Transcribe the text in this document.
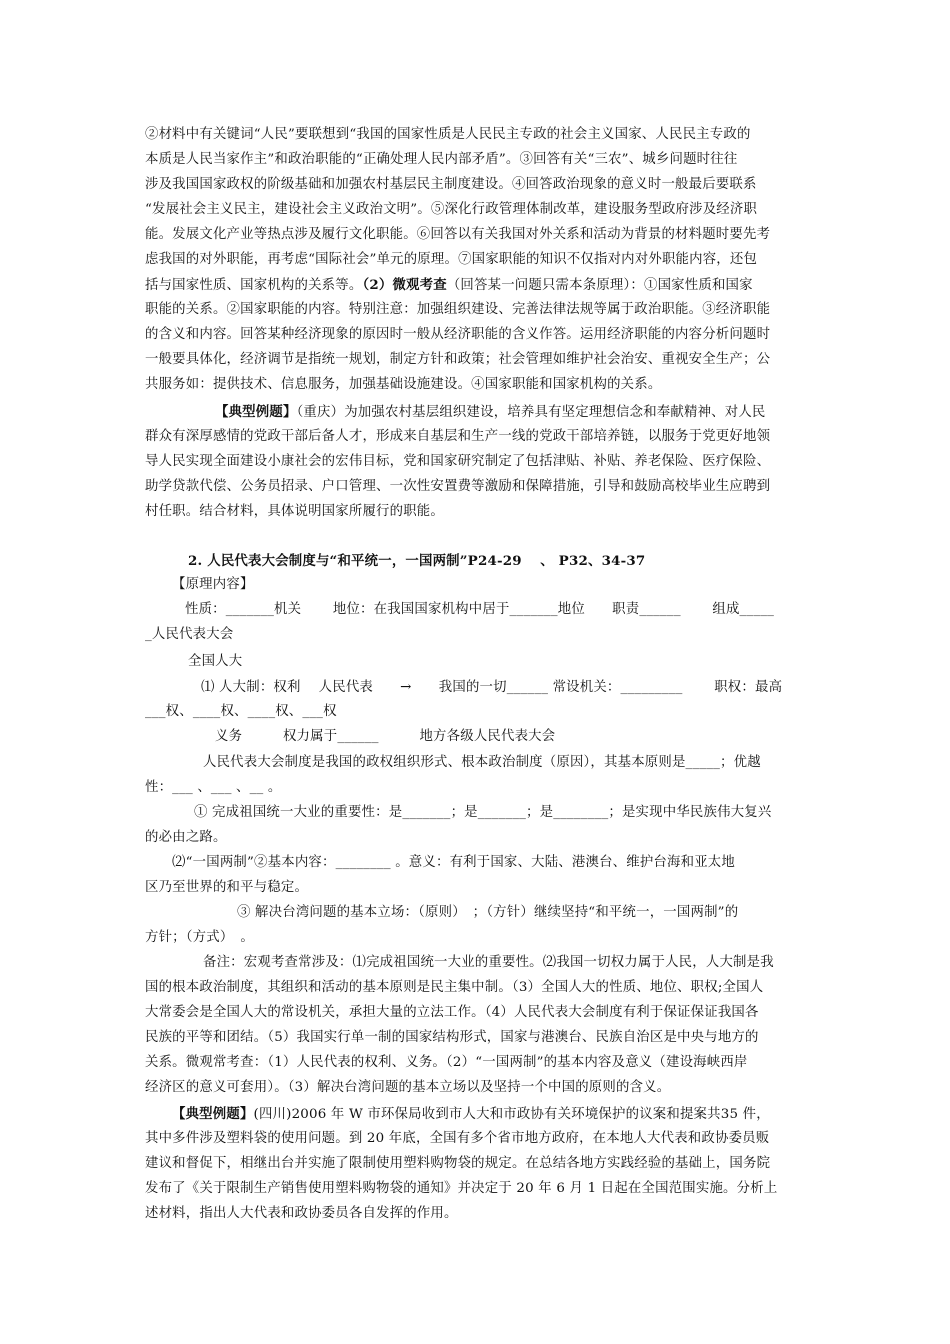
②材料中有关键词“人民”要联想到“我国的国家性质是人民民主专政的社会主义国家、人民民主专政的
本质是人民当家作主”和政治职能的“正确处理人民内部矛盾”。③回答有关“三农”、城乡问题时往往
涉及我国国家政权的阶级基础和加强农村基层民主制度建设。④回答政治现象的意义时一般最后要联系
“发展社会主义民主，建设社会主义政治文明”。⑤深化行政管理体制改革，建设服务型政府涉及经济职
能。发展文化产业等热点涉及履行文化职能。⑥回答以有关我国对外关系和活动为背景的材料题时要先考
虑我国的对外职能，再考虑“国际社会”单元的原理。⑦国家职能的知识不仅指对内对外职能内容，还包
括与国家性质、国家机构的关系等。（2）微观考查（回答某一问题只需本条原理）：①国家性质和国家
职能的关系。②国家职能的内容。特别注意：加强组织建设、完善法律法规等属于政治职能。③经济职能
的含义和内容。回答某种经济现象的原因时一般从经济职能的含义作答。运用经济职能的内容分析问题时
一般要具体化，经济调节是指统一规划，制定方针和政策；社会管理如维护社会治安、重视安全生产；公
共服务如：提供技术、信息服务，加强基础设施建设。④国家职能和国家机构的关系。
【典型例题】（重庆）为加强农村基层组织建设，培养具有坚定理想信念和奉献精神、对人民
群众有深厚感情的党政干部后备人才，形成来自基层和生产一线的党政干部培养链，以服务于党更好地领
导人民实现全面建设小康社会的宏伟目标，党和国家研究制定了包括津贴、补贴、养老保险、医疗保险、
助学贷款代偿、公务员招录、户口管理、一次性安置费等激励和保障措施，引导和鼓励高校毕业生应聘到
村任职。结合材料，具体说明国家所履行的职能。
2. 人民代表大会制度与“和平统一，一国两制”P24-29　 、 P32、34-37
【原理内容】
性质：_______机关　　 地位：在我国国家机构中居于_______地位　　职责______　　 组成_____
_人民代表大会
全国人大
⑴ 人大制：权利　 人民代表　　→　　我国的一切______ 常设机关：_________　　 职权：最高
___权、____权、____权、___权
义务　　　权力属于______　　　地方各级人民代表大会
人民代表大会制度是我国的政权组织形式、根本政治制度（原因），其基本原则是_____；优越
性：___ 、___ 、__ 。
① 完成祖国统一大业的重要性：是_______；是_______；是________；是实现中华民族伟大复兴
的必由之路。
⑵“一国两制”②基本内容：________ 。意义：有利于国家、大陆、港澳台、维护台海和亚太地
区乃至世界的和平与稳定。
③ 解决台湾问题的基本立场：（原则）　；（方针）继续坚持“和平统一，一国两制”的
方针；（方式）　。
备注：宏观考查常涉及：⑴完成祖国统一大业的重要性。⑵我国一切权力属于人民，人大制是我
国的根本政治制度，其组织和活动的基本原则是民主集中制。（3）全国人大的性质、地位、职权;全国人
大常委会是全国人大的常设机关，承担大量的立法工作。（4）人民代表大会制度有利于保证保证我国各
民族的平等和团结。（5）我国实行单一制的国家结构形式，国家与港澳台、民族自治区是中央与地方的
关系。微观常考查：（1）人民代表的权利、义务。（2）“一国两制”的基本内容及意义（建设海峡西岸
经济区的意义可套用）。（3）解决台湾问题的基本立场以及坚持一个中国的原则的含义。
【典型例题】(四川)2006 年 W 市环保局收到市人大和市政协有关环境保护的议案和提案共35 件，
其中多件涉及塑料袋的使用问题。到 20 年底，全国有多个省市地方政府，在本地人大代表和政协委员贩
建议和督促下，相继出台并实施了限制使用塑料购物袋的规定。在总结各地方实践经验的基础上，国务院
发布了《关于限制生产销售使用塑料购物袋的通知》并决定于 20 年 6 月 1 日起在全国范围实施。分析上
述材料，指出人大代表和政协委员各自发挥的作用。
